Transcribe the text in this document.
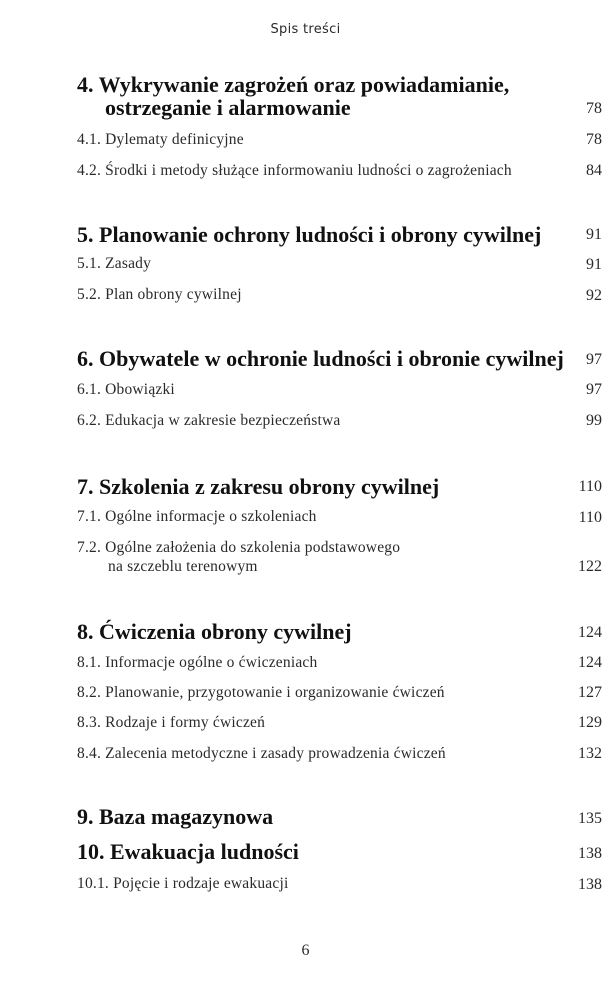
Spis treści
4. Wykrywanie zagrożeń oraz powiadamianie,

ostrzeganie i alarmowanie	78
4.1. Dylematy definicyjne	78
4.2. Środki i metody służące informowaniu ludności o zagrożeniach	84
5. Planowanie ochrony ludności i obrony cywilnej	91
5.1. Zasady	91
5.2. Plan obrony cywilnej	92
6. Obywatele w ochronie ludności i obronie cywilnej 97
6.1. Obowiązki	97
6.2. Edukacja w zakresie bezpieczeństwa	99
7. Szkolenia z zakresu obrony cywilnej	110
7.1. Ogólne informacje o szkoleniach	110
7.2. Ogólne założenia do szkolenia podstawowego

na szczeblu terenowym	122
8. Ćwiczenia obrony cywilnej	124
8.1. Informacje ogólne o ćwiczeniach	124
8.2. Planowanie, przygotowanie i organizowanie ćwiczeń	127
8.3. Rodzaje i formy ćwiczeń	129
8.4. Zalecenia metodyczne i zasady prowadzenia ćwiczeń	132
9. Baza magazynowa	135
10. Ewakuacja ludności	138
10.1. Pojęcie i rodzaje ewakuacji	138
6
